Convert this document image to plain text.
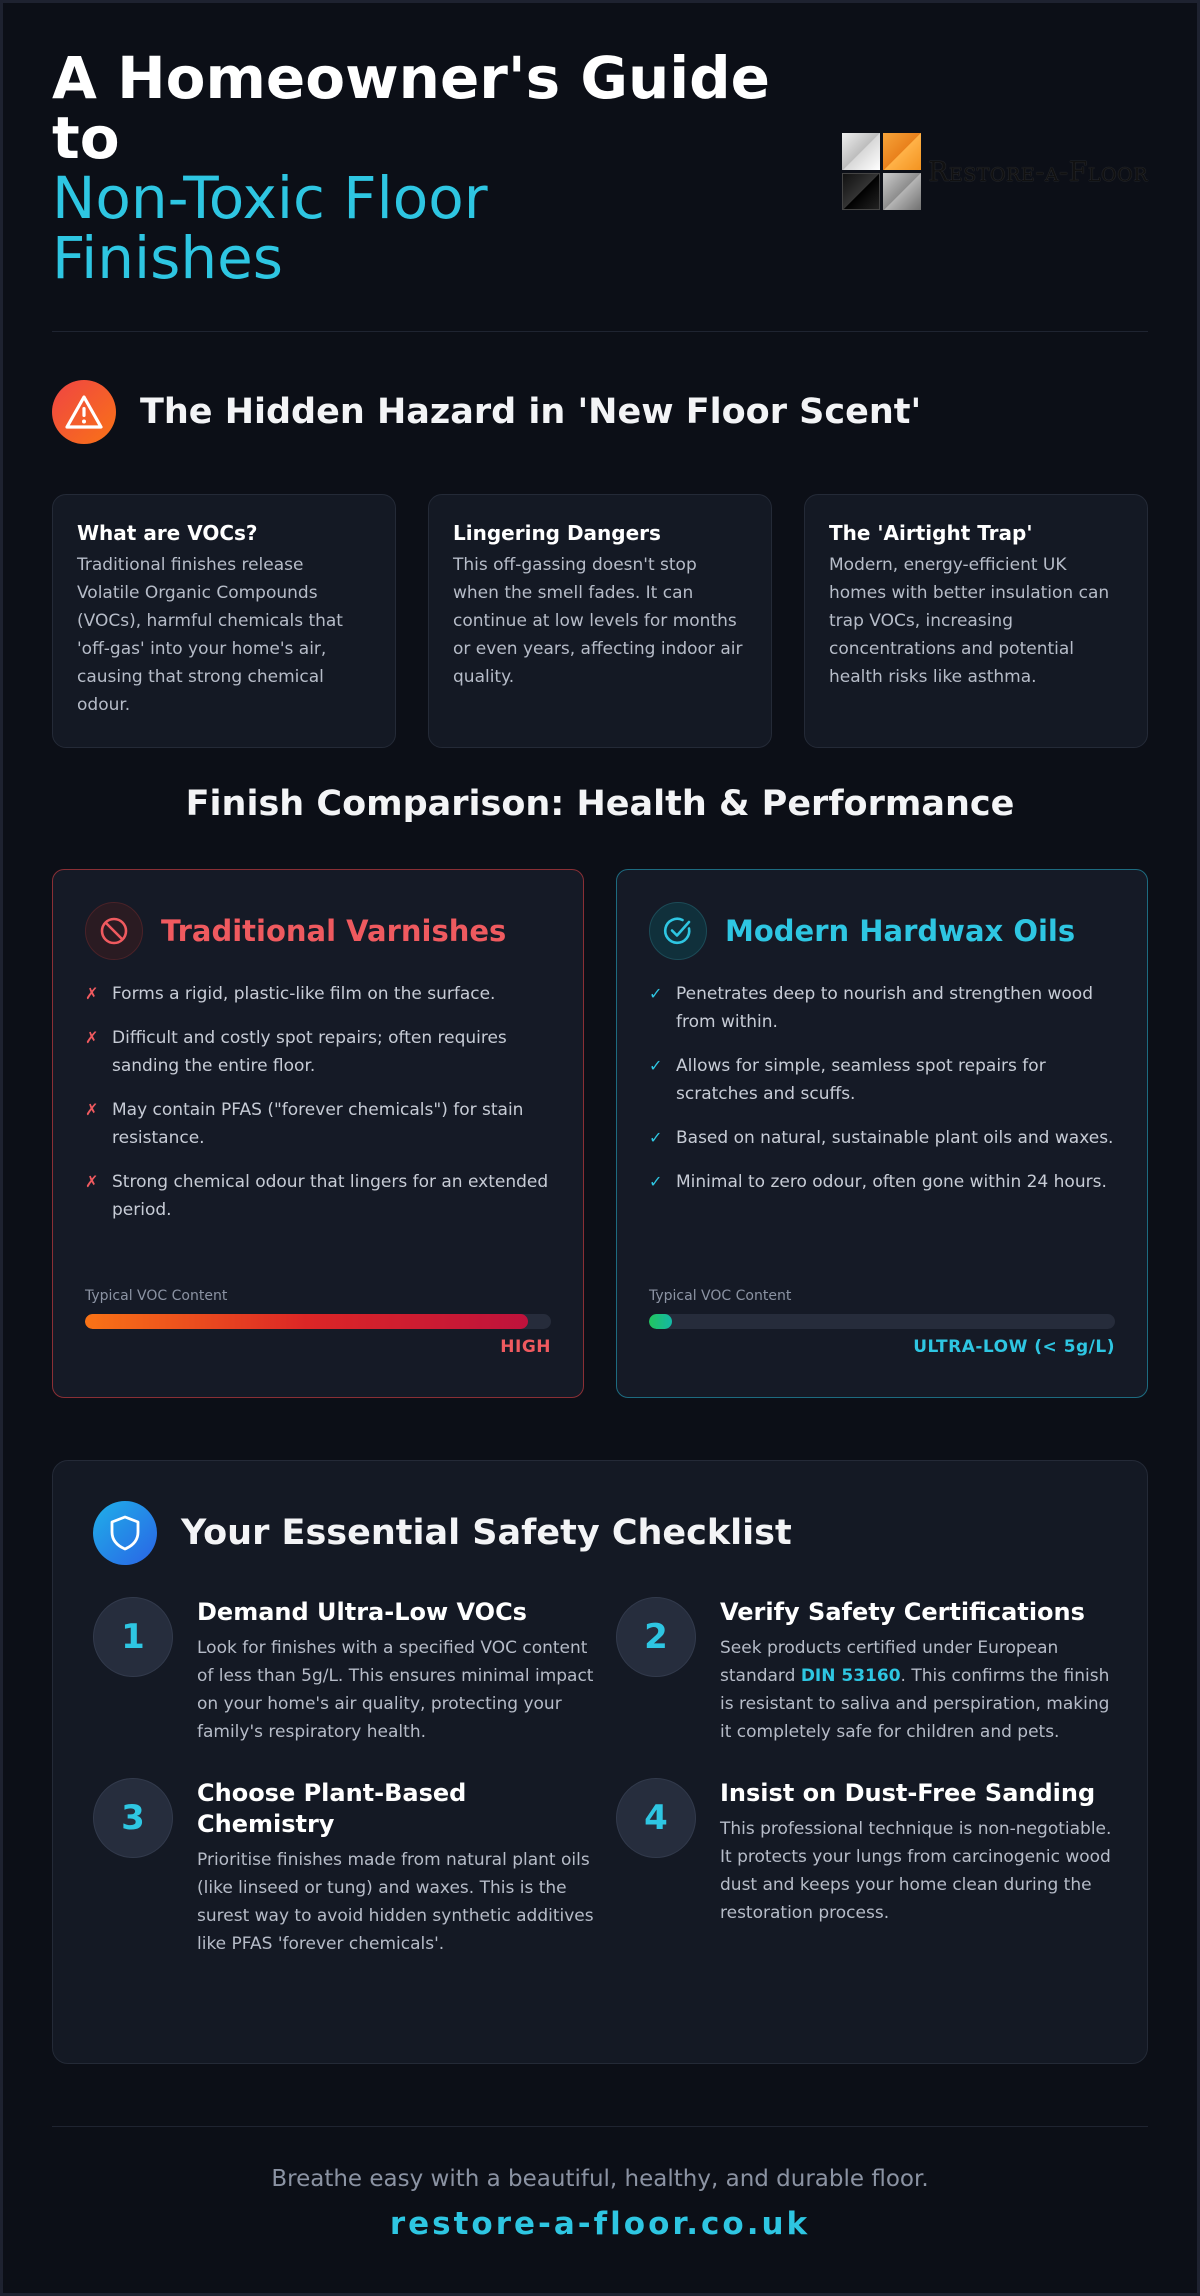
A Homeowner's Guide to
Non-Toxic Floor Finishes
Restore-a-Floor
The Hidden Hazard in 'New Floor Scent'
What are VOCs?
Traditional finishes release Volatile Organic Compounds (VOCs), harmful chemicals that 'off-gas' into your home's air, causing that strong chemical odour.
Lingering Dangers
This off-gassing doesn't stop when the smell fades. It can continue at low levels for months or even years, affecting indoor air quality.
The 'Airtight Trap'
Modern, energy-efficient UK homes with better insulation can trap VOCs, increasing concentrations and potential health risks like asthma.
Finish Comparison: Health & Performance
Traditional Varnishes
✗ Forms a rigid, plastic-like film on the surface.
✗ Difficult and costly spot repairs; often requires sanding the entire floor.
✗ May contain PFAS ("forever chemicals") for stain resistance.
✗ Strong chemical odour that lingers for an extended period.
Typical VOC Content
HIGH
Modern Hardwax Oils
✓ Penetrates deep to nourish and strengthen wood from within.
✓ Allows for simple, seamless spot repairs for scratches and scuffs.
✓ Based on natural, sustainable plant oils and waxes.
✓ Minimal to zero odour, often gone within 24 hours.
Typical VOC Content
ULTRA-LOW (< 5g/L)
Your Essential Safety Checklist
1
Demand Ultra-Low VOCs
Look for finishes with a specified VOC content of less than 5g/L. This ensures minimal impact on your home's air quality, protecting your family's respiratory health.
2
Verify Safety Certifications
Seek products certified under European standard DIN 53160. This confirms the finish is resistant to saliva and perspiration, making it completely safe for children and pets.
3
Choose Plant-Based Chemistry
Prioritise finishes made from natural plant oils (like linseed or tung) and waxes. This is the surest way to avoid hidden synthetic additives like PFAS 'forever chemicals'.
4
Insist on Dust-Free Sanding
This professional technique is non-negotiable. It protects your lungs from carcinogenic wood dust and keeps your home clean during the restoration process.
Breathe easy with a beautiful, healthy, and durable floor.
restore-a-floor.co.uk
